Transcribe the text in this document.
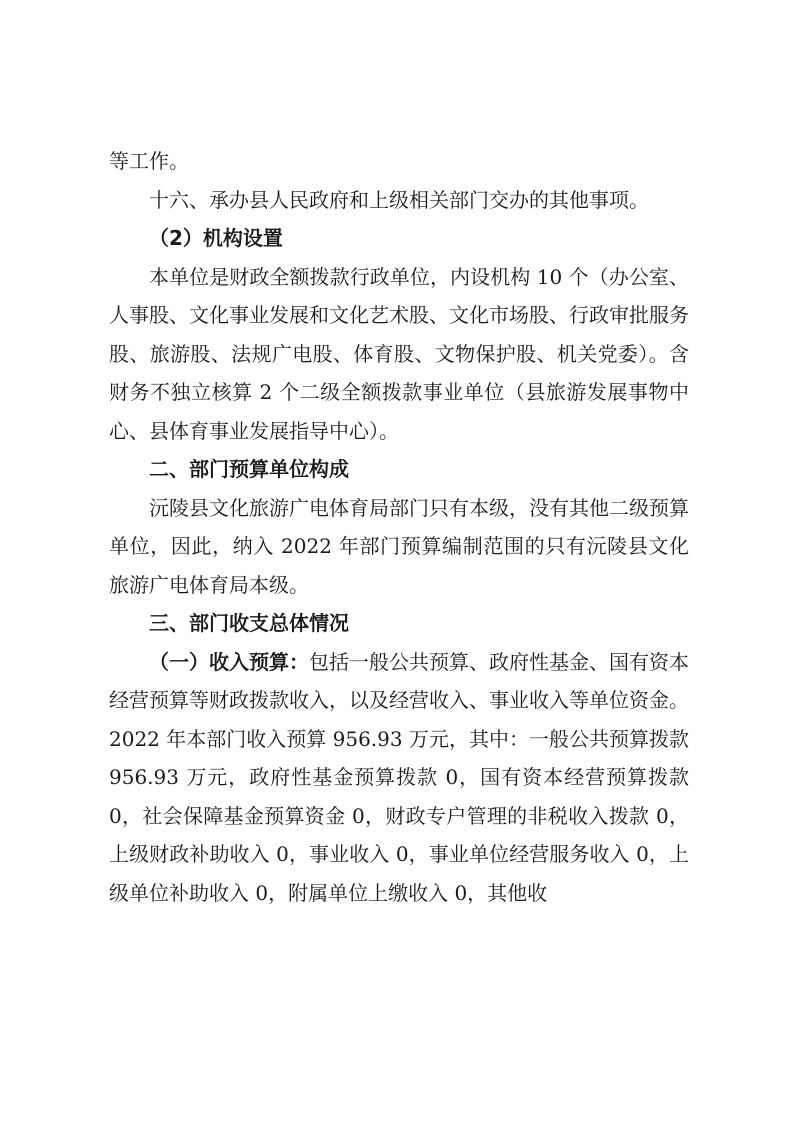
等工作。

十六、承办县人民政府和上级相关部门交办的其他事项。

（2）机构设置

本单位是财政全额拨款行政单位，内设机构 10 个（办公室、人事股、文化事业发展和文化艺术股、文化市场股、行政审批服务股、旅游股、法规广电股、体育股、文物保护股、机关党委）。含财务不独立核算 2 个二级全额拨款事业单位（县旅游发展事物中心、县体育事业发展指导中心）。

二、部门预算单位构成

沅陵县文化旅游广电体育局部门只有本级，没有其他二级预算单位，因此，纳入 2022 年部门预算编制范围的只有沅陵县文化旅游广电体育局本级。

三、部门收支总体情况

（一）收入预算：包括一般公共预算、政府性基金、国有资本经营预算等财政拨款收入，以及经营收入、事业收入等单位资金。2022 年本部门收入预算 956.93 万元，其中：一般公共预算拨款 956.93 万元，政府性基金预算拨款 0，国有资本经营预算拨款 0，社会保障基金预算资金 0，财政专户管理的非税收入拨款 0，上级财政补助收入 0，事业收入 0，事业单位经营服务收入 0，上级单位补助收入 0，附属单位上缴收入 0，其他收
